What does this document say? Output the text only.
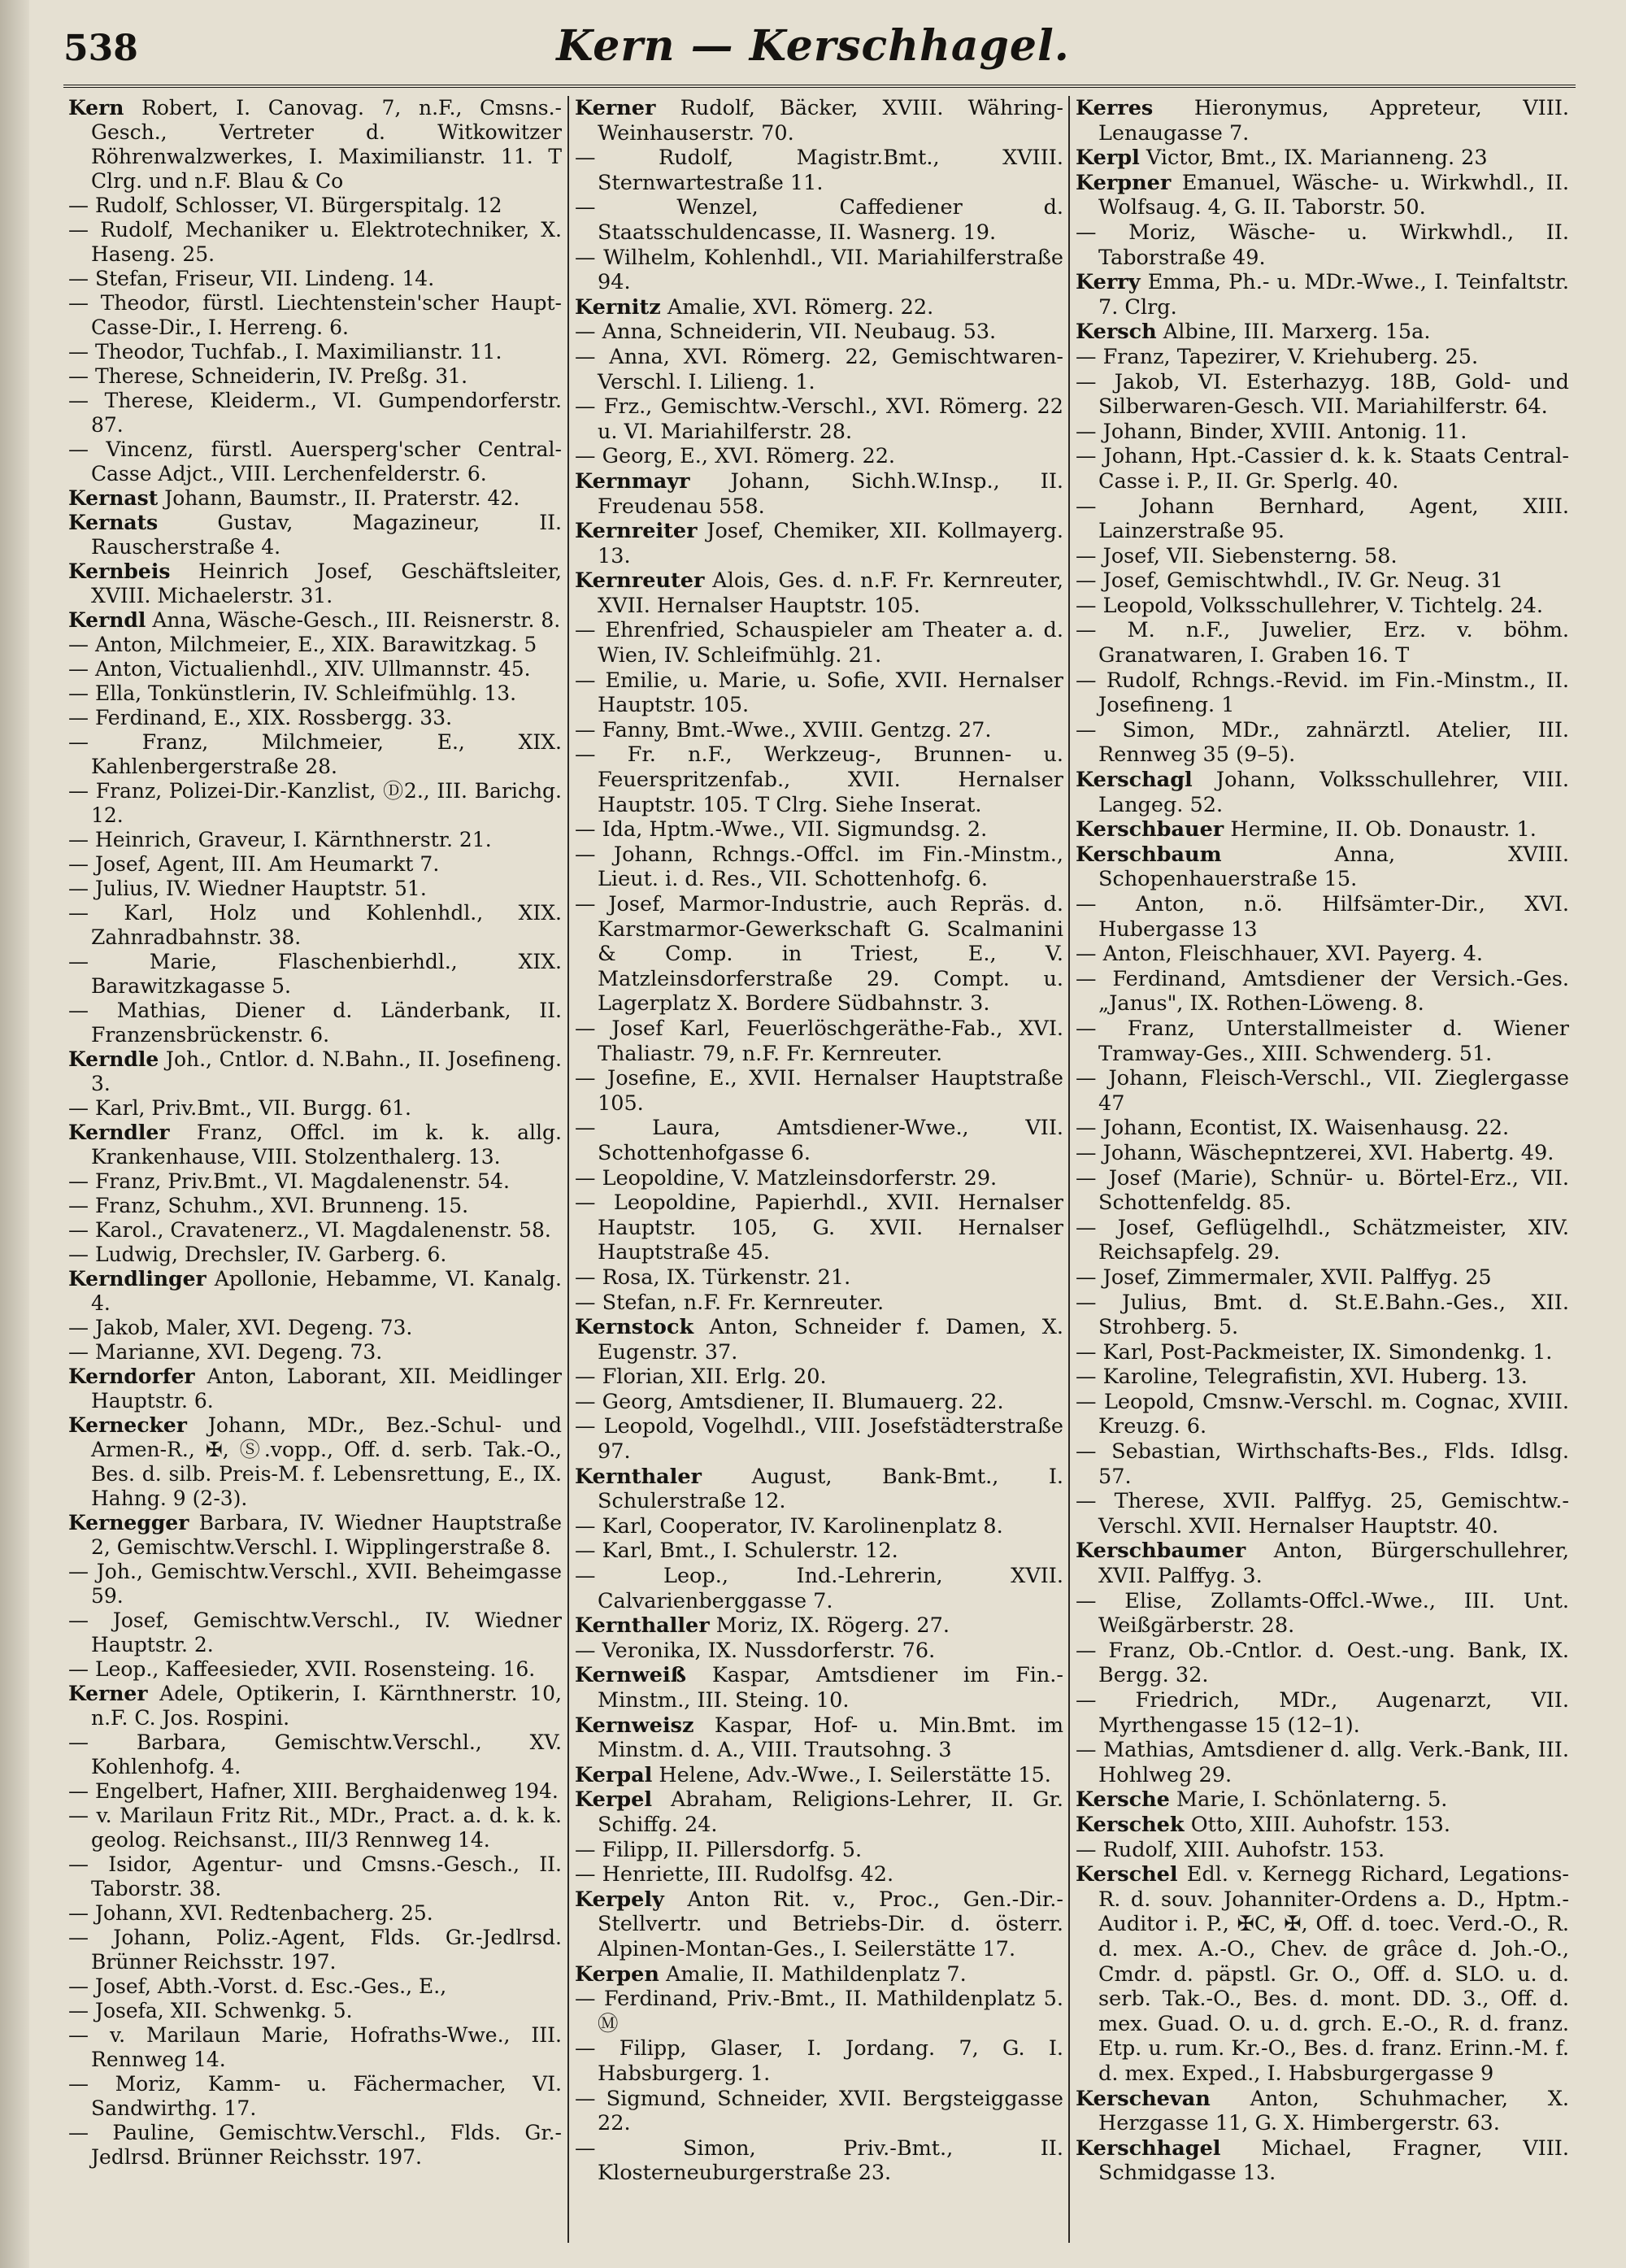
538	Kern — Kerschhagel.

Kern Robert, I. Canovag. 7, n.F., Cmsns.-Gesch., Vertreter d. Witkowitzer Röhrenwalzwerkes, I. Maximilianstr. 11. T Clrg. und n.F. Blau & Co

— Rudolf, Schlosser, VI. Bürgerspitalg. 12

— Rudolf, Mechaniker u. Elektrotechniker, X. Haseng. 25.

— Stefan, Friseur, VII. Lindeng. 14.

— Theodor, fürstl. Liechtenstein'scher Haupt-Casse-Dir., I. Herreng. 6.

— Theodor, Tuchfab., I. Maximilianstr. 11.

— Therese, Schneiderin, IV. Preßg. 31.

— Therese, Kleiderm., VI. Gumpendorferstr. 87.

— Vincenz, fürstl. Auersperg'scher Central-Casse Adjct., VIII. Lerchenfelderstr. 6.

Kernast Johann, Baumstr., II. Praterstr. 42.

Kernats	Gustav, Magazineur, II. Rauscherstraße 4.

Kernbeis Heinrich Josef, Geschäftsleiter, XVIII. Michaelerstr. 31.

Kerndl Anna, Wäsche-Gesch., III. Reisnerstr. 8.

— Anton, Milchmeier, E., XIX. Barawitzkag. 5

— Anton, Victualienhdl., XIV. Ullmannstr. 45.

— Ella, Tonkünstlerin, IV. Schleifmühlg. 13.

— Ferdinand, E., XIX. Rossbergg. 33.

— Franz, Milchmeier, E., XIX. Kahlenbergerstraße 28.

— Franz, Polizei-Dir.-Kanzlist, Ⓓ2., III. Barichg. 12.

— Heinrich, Graveur, I. Kärnthnerstr. 21.

— Josef, Agent, III. Am Heumarkt 7.

— Julius, IV. Wiedner Hauptstr. 51.

— Karl, Holz und Kohlenhdl., XIX. Zahnradbahnstr. 38.

— Marie, Flaschenbierhdl., XIX. Barawitzkagasse 5.

— Mathias, Diener d. Länderbank, II. Franzensbrückenstr. 6.

Kerndle Joh., Cntlor. d. N.Bahn., II. Josefineng. 3.

— Karl, Priv.Bmt., VII. Burgg. 61.

Kerndler Franz, Offcl. im k. k. allg. Krankenhause, VIII. Stolzenthalerg. 13.

— Franz, Priv.Bmt., VI. Magdalenenstr. 54.

— Franz, Schuhm., XVI. Brunneng. 15.

— Karol., Cravatenerz., VI. Magdalenenstr. 58.

— Ludwig, Drechsler, IV. Garberg. 6.

Kerndlinger Apollonie, Hebamme, VI. Kanalg. 4.

— Jakob, Maler, XVI. Degeng. 73.

— Marianne, XVI. Degeng. 73.

Kerndorfer Anton, Laborant, XII. Meidlinger Hauptstr. 6.

Kernecker Johann, MDr., Bez.-Schul- und Armen-R., ✠, Ⓢ.vopp., Off. d. serb. Tak.-O., Bes. d. silb. Preis-M. f. Lebensrettung, E., IX. Hahng. 9 (2-3).

Kernegger Barbara, IV. Wiedner Hauptstraße 2, Gemischtw.Verschl. I. Wipplingerstraße 8.

— Joh., Gemischtw.Verschl., XVII. Beheimgasse 59.

— Josef, Gemischtw.Verschl., IV. Wiedner Hauptstr. 2.

— Leop., Kaffeesieder, XVII. Rosensteing. 16.

Kerner Adele, Optikerin, I. Kärnthnerstr. 10, n.F. C. Jos. Rospini.

— Barbara, Gemischtw.Verschl., XV. Kohlenhofg. 4.

— Engelbert, Hafner, XIII. Berghaidenweg 194.

— v. Marilaun Fritz Rit., MDr., Pract. a. d. k. k. geolog. Reichsanst., III/3 Rennweg 14.

— Isidor, Agentur- und Cmsns.-Gesch., II. Taborstr. 38.

— Johann, XVI. Redtenbacherg. 25.

— Johann, Poliz.-Agent, Flds. Gr.-Jedlrsd. Brünner Reichsstr. 197.

— Josef, Abth.-Vorst. d. Esc.-Ges., E.,

— Josefa, XII. Schwenkg. 5.

— v. Marilaun Marie, Hofraths-Wwe., III. Rennweg 14.

— Moriz, Kamm- u. Fächermacher, VI. Sandwirthg. 17.

— Pauline, Gemischtw.Verschl., Flds. Gr.-Jedlrsd. Brünner Reichsstr. 197.

Kerner Rudolf, Bäcker, XVIII. Währing-Weinhauserstr. 70.

— Rudolf, Magistr.Bmt., XVIII. Sternwartestraße 11.

— Wenzel, Caffediener d. Staatsschuldencasse, II. Wasnerg. 19.

— Wilhelm, Kohlenhdl., VII. Mariahilferstraße 94.

Kernitz Amalie, XVI. Römerg. 22.

— Anna, Schneiderin, VII. Neubaug. 53.

— Anna, XVI. Römerg. 22, Gemischtwaren-Verschl. I. Lilieng. 1.

— Frz., Gemischtw.-Verschl., XVI. Römerg. 22 u. VI. Mariahilferstr. 28.

— Georg, E., XVI. Römerg. 22.

Kernmayr Johann, Sichh.W.Insp., II. Freudenau 558.

Kernreiter Josef, Chemiker, XII. Kollmayerg. 13.

Kernreuter Alois, Ges. d. n.F. Fr. Kernreuter, XVII. Hernalser Hauptstr. 105.

— Ehrenfried, Schauspieler am Theater a. d. Wien, IV. Schleifmühlg. 21.

— Emilie, u. Marie, u. Sofie, XVII. Hernalser Hauptstr. 105.

— Fanny, Bmt.-Wwe., XVIII. Gentzg. 27.

— Fr. n.F., Werkzeug-, Brunnen- u. Feuerspritzenfab., XVII. Hernalser Hauptstr. 105. T Clrg. Siehe Inserat.

— Ida, Hptm.-Wwe., VII. Sigmundsg. 2.

— Johann, Rchngs.-Offcl. im Fin.-Minstm., Lieut. i. d. Res., VII. Schottenhofg. 6.

— Josef, Marmor-Industrie, auch Repräs. d. Karstmarmor-Gewerkschaft G. Scalmanini & Comp. in Triest, E., V. Matzleinsdorferstraße 29. Compt. u. Lagerplatz X. Bordere Südbahnstr. 3.

— Josef Karl, Feuerlöschgeräthe-Fab., XVI. Thaliastr. 79, n.F. Fr. Kernreuter.

— Josefine, E., XVII. Hernalser Hauptstraße 105.

— Laura, Amtsdiener-Wwe., VII. Schottenhofgasse 6.

— Leopoldine, V. Matzleinsdorferstr. 29.

— Leopoldine, Papierhdl., XVII. Hernalser Hauptstr. 105, G. XVII. Hernalser Hauptstraße 45.

— Rosa, IX. Türkenstr. 21.

— Stefan, n.F. Fr. Kernreuter.

Kernstock Anton, Schneider f. Damen, X. Eugenstr. 37.

— Florian, XII. Erlg. 20.

— Georg, Amtsdiener, II. Blumauerg. 22.

— Leopold, Vogelhdl., VIII. Josefstädterstraße 97.

Kernthaler August, Bank-Bmt., I. Schulerstraße 12.

— Karl, Cooperator, IV. Karolinenplatz 8.

— Karl, Bmt., I. Schulerstr. 12.

— Leop., Ind.-Lehrerin, XVII. Calvarienberggasse 7.

Kernthaller Moriz, IX. Rögerg. 27.

— Veronika, IX. Nussdorferstr. 76.

Kernweiß Kaspar, Amtsdiener im Fin.-Minstm., III. Steing. 10.

Kernweisz Kaspar, Hof- u. Min.Bmt. im Minstm. d. A., VIII. Trautsohng. 3

Kerpal Helene, Adv.-Wwe., I. Seilerstätte 15.

Kerpel Abraham, Religions-Lehrer, II. Gr. Schiffg. 24.

— Filipp, II. Pillersdorfg. 5.

— Henriette, III. Rudolfsg. 42.

Kerpely Anton Rit. v., Proc., Gen.-Dir.-Stellvertr. und Betriebs-Dir. d. österr. Alpinen-Montan-Ges., I. Seilerstätte 17.

Kerpen Amalie, II. Mathildenplatz 7.

— Ferdinand, Priv.-Bmt., II. Mathildenplatz 5. Ⓜ

— Filipp, Glaser, I. Jordang. 7, G. I. Habsburgerg. 1.

— Sigmund, Schneider, XVII. Bergsteiggasse 22.

— Simon, Priv.-Bmt., II. Klosterneuburgerstraße 23.

Kerres Hieronymus, Appreteur, VIII. Lenaugasse 7.

Kerpl Victor, Bmt., IX. Marianneng. 23

Kerpner Emanuel, Wäsche- u. Wirkwhdl., II. Wolfsaug. 4, G. II. Taborstr. 50.

— Moriz, Wäsche- u. Wirkwhdl., II. Taborstraße 49.

Kerry Emma, Ph.- u. MDr.-Wwe., I. Teinfaltstr. 7. Clrg.

Kersch Albine, III. Marxerg. 15a.

— Franz, Tapezirer, V. Kriehuberg. 25.

— Jakob, VI. Esterhazyg. 18B, Gold- und Silberwaren-Gesch. VII. Mariahilferstr. 64.

— Johann, Binder, XVIII. Antonig. 11.

— Johann, Hpt.-Cassier d. k. k. Staats Central-Casse i. P., II. Gr. Sperlg. 40.

— Johann Bernhard, Agent, XIII. Lainzerstraße 95.

— Josef, VII. Siebensterng. 58.

— Josef, Gemischtwhdl., IV. Gr. Neug. 31

— Leopold, Volksschullehrer, V. Tichtelg. 24.

— M. n.F., Juwelier, Erz. v. böhm. Granatwaren, I. Graben 16. T

— Rudolf, Rchngs.-Revid. im Fin.-Minstm., II. Josefineng. 1

— Simon, MDr., zahnärztl. Atelier, III. Rennweg 35 (9–5).

Kerschagl Johann, Volksschullehrer, VIII. Langeg. 52.

Kerschbauer Hermine, II. Ob. Donaustr. 1.

Kerschbaum	Anna, XVIII. Schopenhauerstraße 15.

— Anton, n.ö. Hilfsämter-Dir., XVI. Hubergasse 13

— Anton, Fleischhauer, XVI. Payerg. 4.

— Ferdinand, Amtsdiener der Versich.-Ges. „Janus", IX. Rothen-Löweng. 8.

— Franz, Unterstallmeister d. Wiener Tramway-Ges., XIII. Schwenderg. 51.

— Johann, Fleisch-Verschl., VII. Zieglergasse 47

— Johann, Econtist, IX. Waisenhausg. 22.

— Johann, Wäschepntzerei, XVI. Habertg. 49.

— Josef (Marie), Schnür- u. Börtel-Erz., VII. Schottenfeldg. 85.

— Josef, Geflügelhdl., Schätzmeister, XIV. Reichsapfelg. 29.

— Josef, Zimmermaler, XVII. Palffyg. 25

— Julius, Bmt. d. St.E.Bahn.-Ges., XII. Strohberg. 5.

— Karl, Post-Packmeister, IX. Simondenkg. 1.

— Karoline, Telegrafistin, XVI. Huberg. 13.

— Leopold, Cmsnw.-Verschl. m. Cognac, XVIII. Kreuzg. 6.

— Sebastian, Wirthschafts-Bes., Flds. Idlsg. 57.

— Therese, XVII. Palffyg. 25, Gemischtw.-Verschl. XVII. Hernalser Hauptstr. 40.

Kerschbaumer Anton, Bürgerschullehrer, XVII. Palffyg. 3.

— Elise, Zollamts-Offcl.-Wwe., III. Unt. Weißgärberstr. 28.

— Franz, Ob.-Cntlor. d. Oest.-ung. Bank, IX. Bergg. 32.

— Friedrich, MDr., Augenarzt, VII. Myrthengasse 15 (12–1).

— Mathias, Amtsdiener d. allg. Verk.-Bank, III. Hohlweg 29.

Kersche Marie, I. Schönlaterng. 5.

Kerschek Otto, XIII. Auhofstr. 153.

— Rudolf, XIII. Auhofstr. 153.

Kerschel Edl. v. Kernegg Richard, Legations-R. d. souv. Johanniter-Ordens a. D., Hptm.-Auditor i. P., ✠C, ✠, Off. d. toec. Verd.-O., R. d. mex. A.-O., Chev. de grâce d. Joh.-O., Cmdr. d. päpstl. Gr. O., Off. d. SLO. u. d. serb. Tak.-O., Bes. d. mont. DD. 3., Off. d. mex. Guad. O. u. d. grch. E.-O., R. d. franz. Etp. u. rum. Kr.-O., Bes. d. franz. Erinn.-M. f. d. mex. Exped., I. Habsburgergasse 9

Kerschevan Anton, Schuhmacher, X. Herzgasse 11, G. X. Himbergerstr. 63.

Kerschhagel Michael, Fragner, VIII. Schmidgasse 13.
